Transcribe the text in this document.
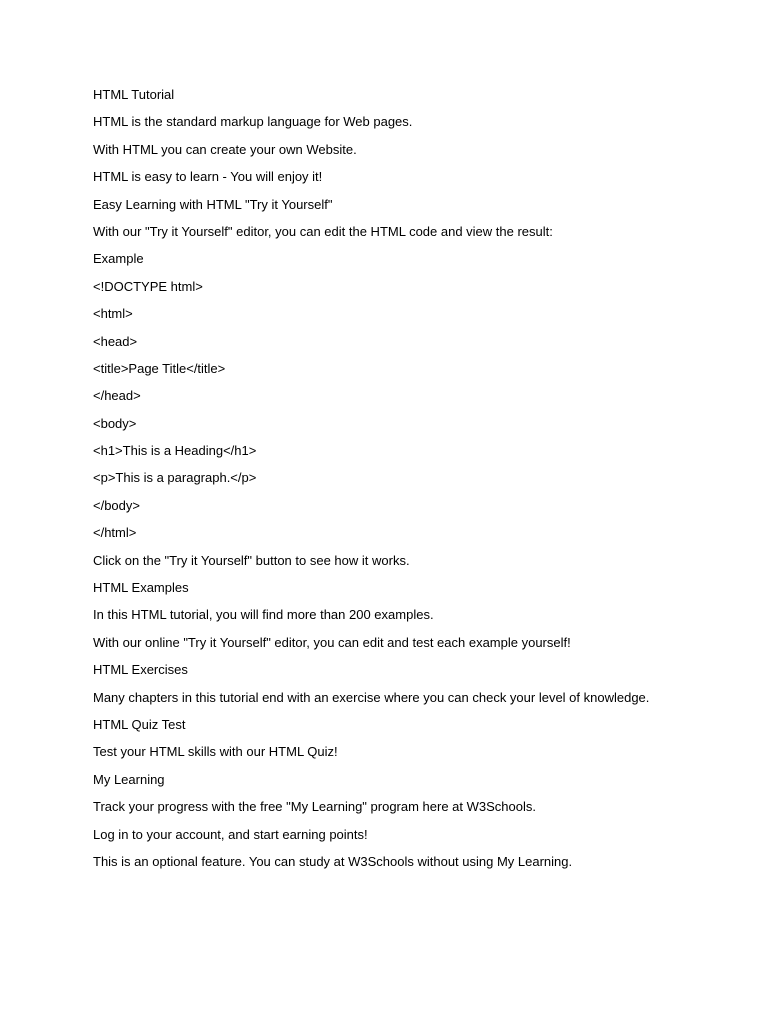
HTML Tutorial

HTML is the standard markup language for Web pages.

With HTML you can create your own Website.

HTML is easy to learn - You will enjoy it!

Easy Learning with HTML "Try it Yourself"

With our "Try it Yourself" editor, you can edit the HTML code and view the result:

Example

<!DOCTYPE html>

<html>

<head>

<title>Page Title</title>

</head>

<body>

<h1>This is a Heading</h1>

<p>This is a paragraph.</p>

</body>

</html>

Click on the "Try it Yourself" button to see how it works.

HTML Examples

In this HTML tutorial, you will find more than 200 examples.

With our online "Try it Yourself" editor, you can edit and test each example yourself!

HTML Exercises

Many chapters in this tutorial end with an exercise where you can check your level of knowledge.

HTML Quiz Test

Test your HTML skills with our HTML Quiz!

My Learning

Track your progress with the free "My Learning" program here at W3Schools.

Log in to your account, and start earning points!

This is an optional feature. You can study at W3Schools without using My Learning.
